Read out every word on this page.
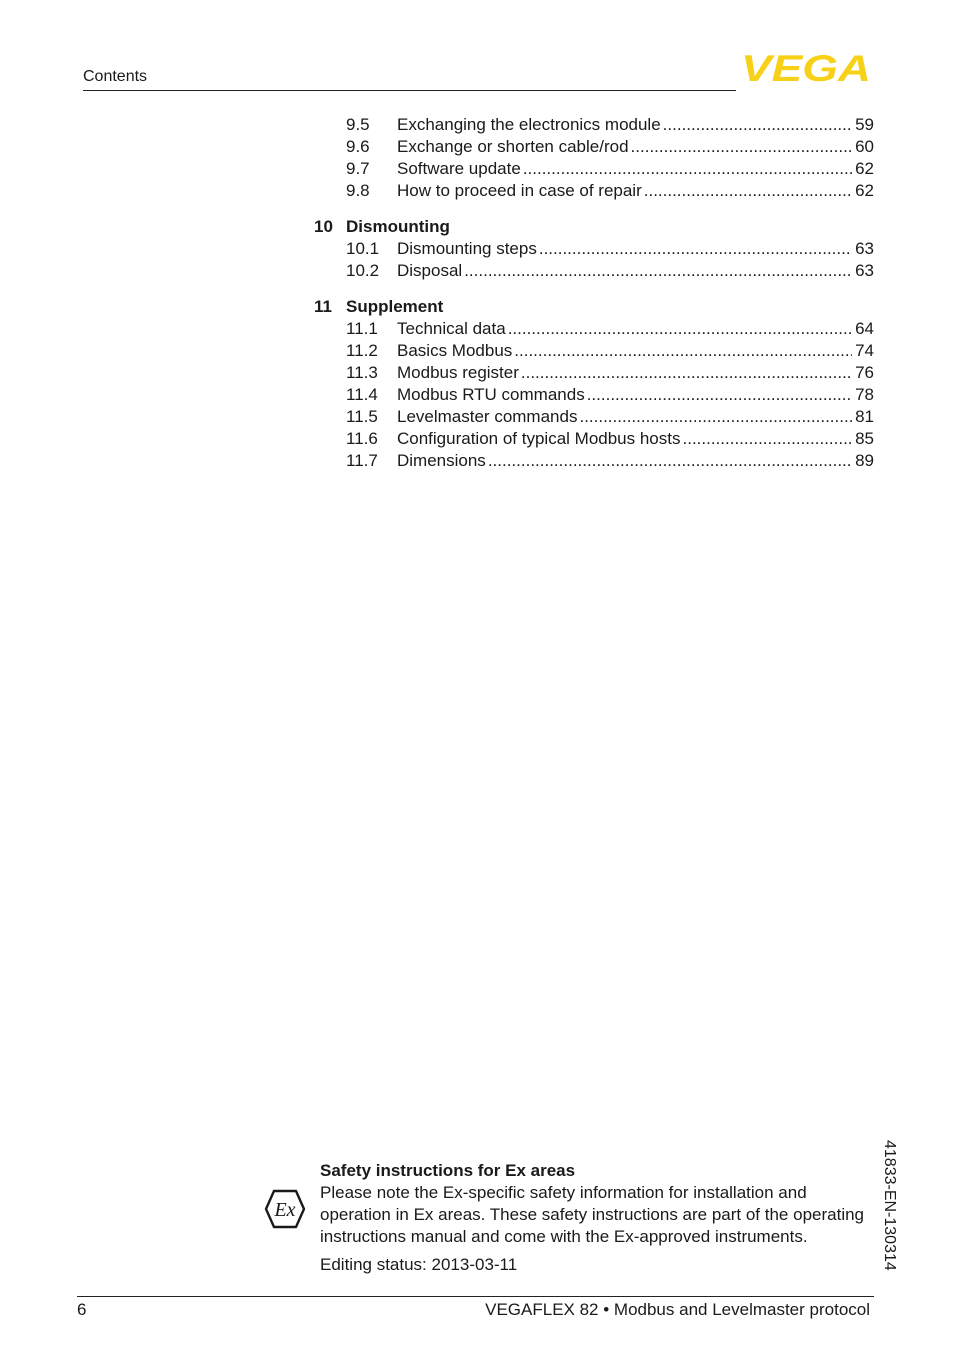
Contents	VEGA
9.5	Exchanging the electronics module .....	59
9.6	Exchange or shorten cable/rod .....	60
9.7	Software update .....	62
9.8	How to proceed in case of repair .....	62
10 Dismounting
10.1	Dismounting steps .....	63
10.2	Disposal .....	63
11 Supplement
11.1	Technical data .....	64
11.2	Basics Modbus .....	74
11.3	Modbus register .....	76
11.4	Modbus RTU commands .....	78
11.5	Levelmaster commands .....	81
11.6	Configuration of typical Modbus hosts .....	85
11.7	Dimensions .....	89
Ex
Safety instructions for Ex areas
Please note the Ex-specific safety information for installation and operation in Ex areas. These safety instructions are part of the operating instructions manual and come with the Ex-approved instruments.
Editing status: 2013-03-11	41833-EN-130314
6	VEGAFLEX 82 • Modbus and Levelmaster protocol
